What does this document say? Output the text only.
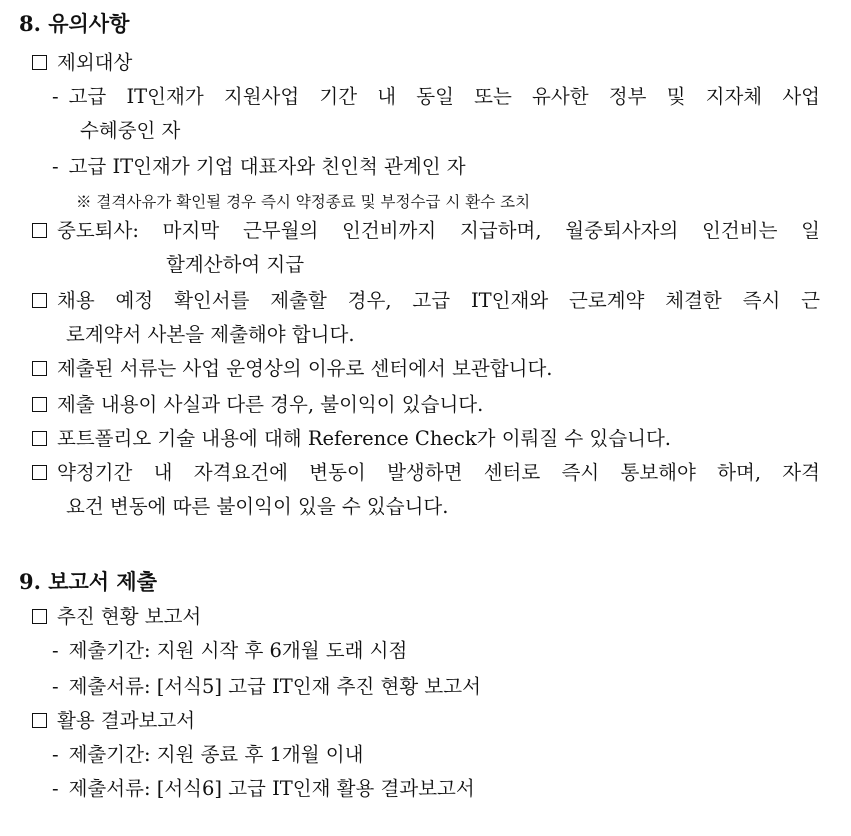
8. 유의사항
제외대상
- 고급 IT인재가 지원사업 기간 내 동일 또는 유사한 정부 및 지자체 사업
수혜중인 자
- 고급 IT인재가 기업 대표자와 친인척 관계인 자
※ 결격사유가 확인될 경우 즉시 약정종료 및 부정수급 시 환수 조치
중도퇴사: 마지막 근무월의 인건비까지 지급하며, 월중퇴사자의 인건비는 일
할계산하여 지급
채용 예정 확인서를 제출할 경우, 고급 IT인재와 근로계약 체결한 즉시 근
로계약서 사본을 제출해야 합니다.
제출된 서류는 사업 운영상의 이유로 센터에서 보관합니다.
제출 내용이 사실과 다른 경우, 불이익이 있습니다.
포트폴리오 기술 내용에 대해 Reference Check가 이뤄질 수 있습니다.
약정기간 내 자격요건에 변동이 발생하면 센터로 즉시 통보해야 하며, 자격
요건 변동에 따른 불이익이 있을 수 있습니다.
9. 보고서 제출
추진 현황 보고서
- 제출기간: 지원 시작 후 6개월 도래 시점
- 제출서류: [서식5] 고급 IT인재 추진 현황 보고서
활용 결과보고서
- 제출기간: 지원 종료 후 1개월 이내
- 제출서류: [서식6] 고급 IT인재 활용 결과보고서
